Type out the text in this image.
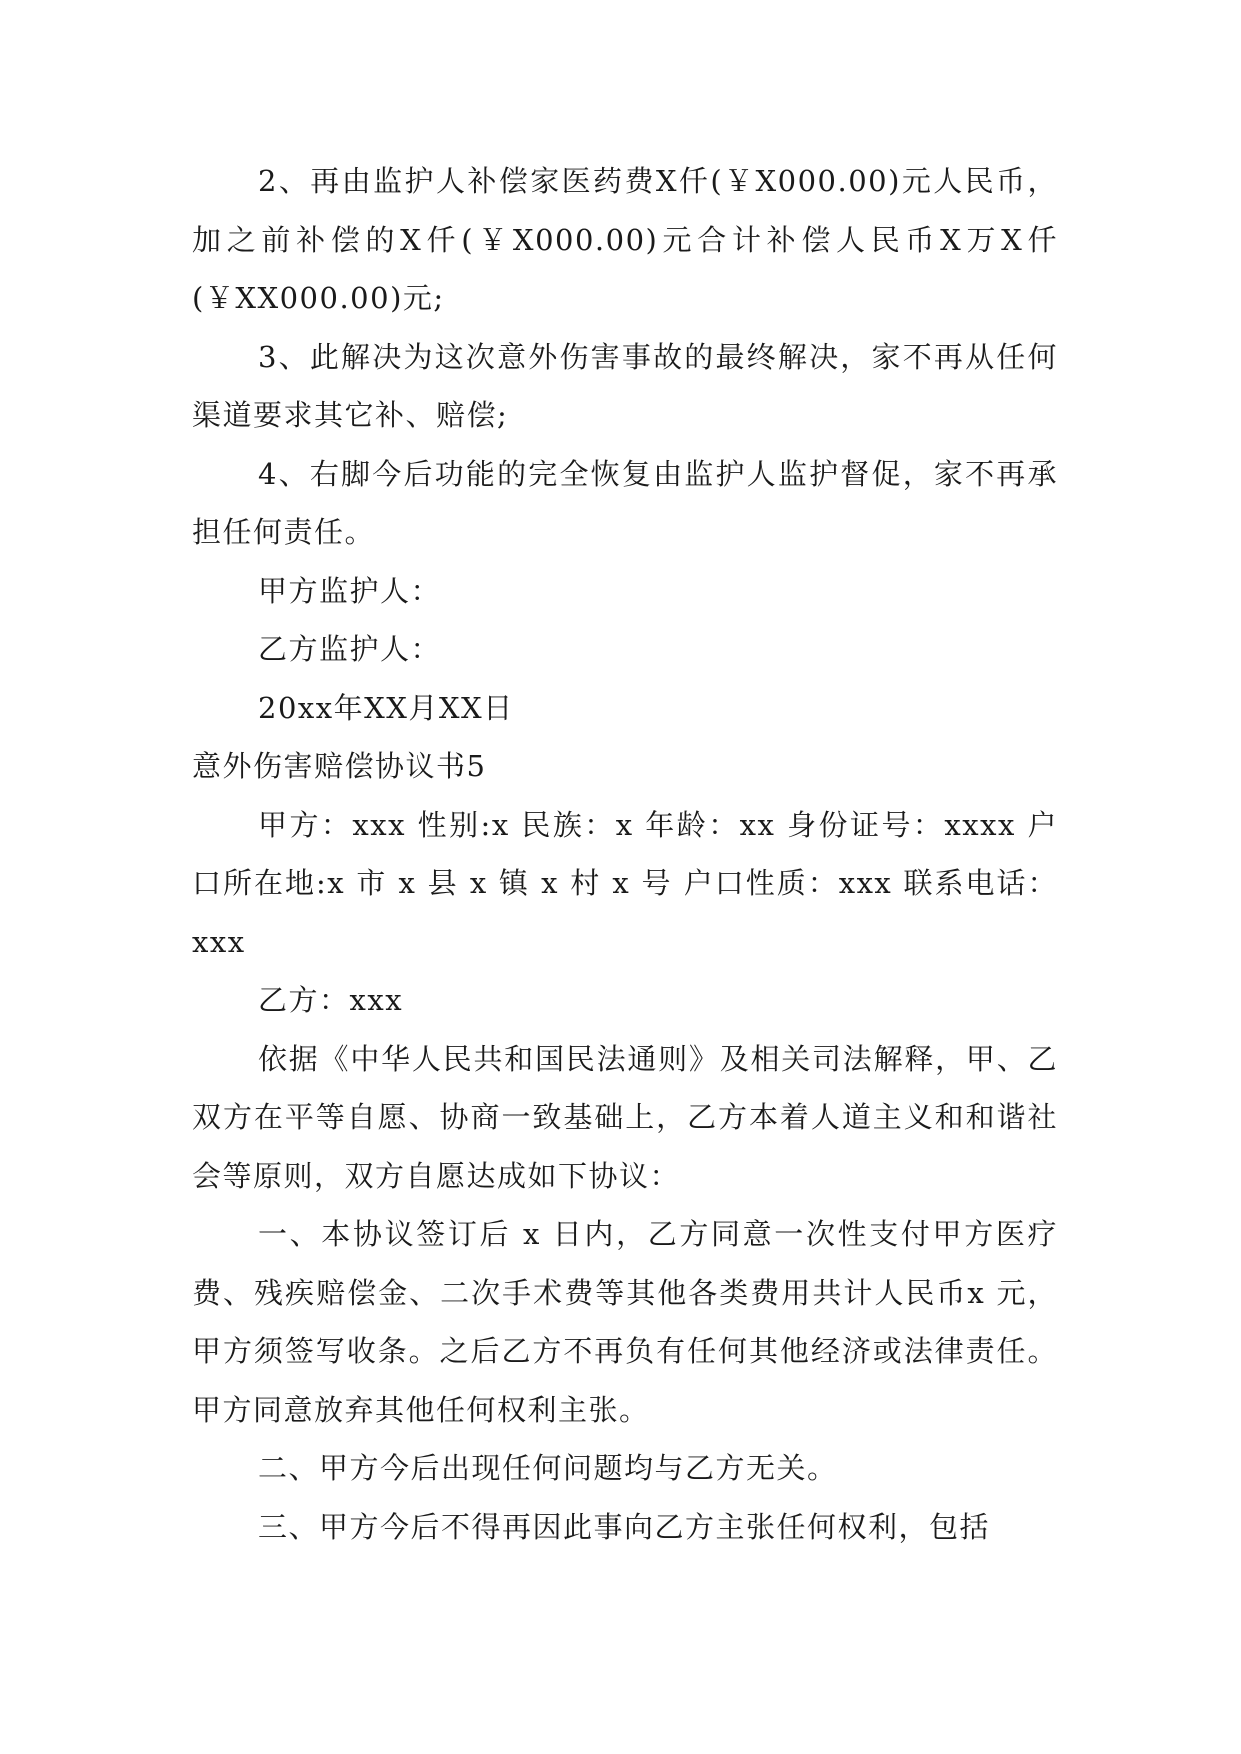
2、再由监护人补偿家医药费X仟(￥X000.00)元人民币，加之前补偿的X仟(￥X000.00)元合计补偿人民币X万X仟(￥XX000.00)元;

3、此解决为这次意外伤害事故的最终解决，家不再从任何渠道要求其它补、赔偿;

4、右脚今后功能的完全恢复由监护人监护督促，家不再承担任何责任。

甲方监护人：

乙方监护人：

20xx年XX月XX日

意外伤害赔偿协议书5

甲方：xxx 性别:x 民族：x 年龄：xx 身份证号：xxxx 户口所在地:x 市 x 县 x 镇 x 村 x 号 户口性质：xxx 联系电话：xxx

乙方：xxx

依据《中华人民共和国民法通则》及相关司法解释，甲、乙双方在平等自愿、协商一致基础上，乙方本着人道主义和和谐社会等原则，双方自愿达成如下协议：

一、本协议签订后 x 日内，乙方同意一次性支付甲方医疗费、残疾赔偿金、二次手术费等其他各类费用共计人民币x 元，甲方须签写收条。之后乙方不再负有任何其他经济或法律责任。甲方同意放弃其他任何权利主张。

二、甲方今后出现任何问题均与乙方无关。

三、甲方今后不得再因此事向乙方主张任何权利，包括
